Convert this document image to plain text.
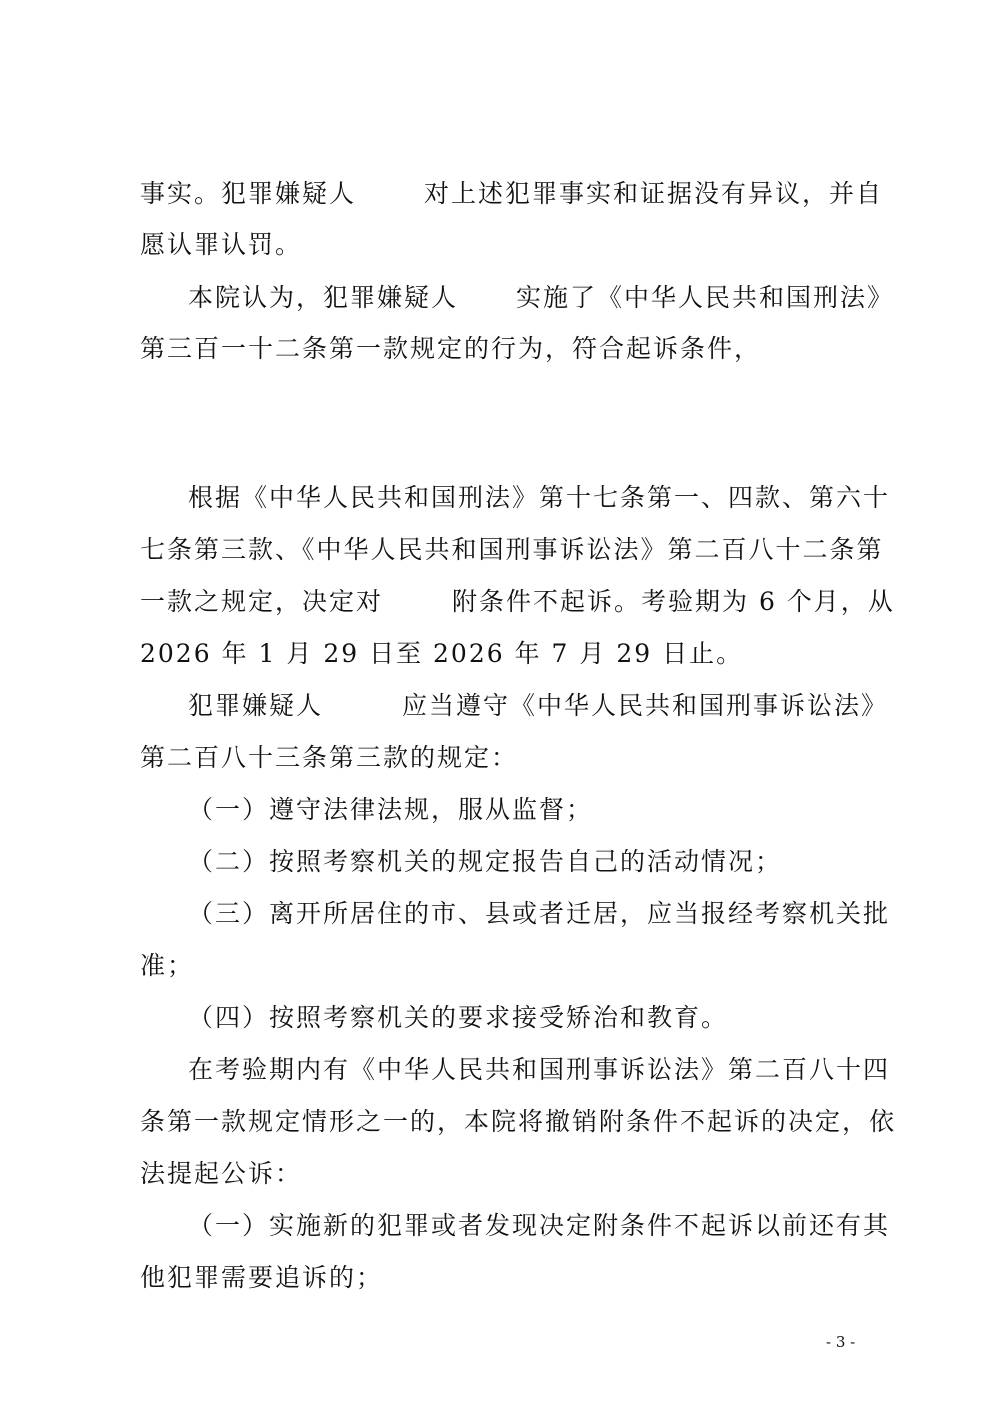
事实。犯罪嫌疑人	对上述犯罪事实和证据没有异议，并自
愿认罪认罚。
本院认为，犯罪嫌疑人 实施了《中华人民共和国刑法》
第三百一十二条第一款规定的行为，符合起诉条件，
根据《中华人民共和国刑法》第十七条第一、四款、第六十
七条第三款、《中华人民共和国刑事诉讼法》第二百八十二条第
一款之规定，决定对	附条件不起诉。考验期为 6 个月，从
2026 年 1 月 29 日至 2026 年 7 月 29 日止。
犯罪嫌疑人	应当遵守《中华人民共和国刑事诉讼法》
第二百八十三条第三款的规定：
（一）遵守法律法规，服从监督；
（二）按照考察机关的规定报告自己的活动情况；
（三）离开所居住的市、县或者迁居，应当报经考察机关批
准；
（四）按照考察机关的要求接受矫治和教育。
在考验期内有《中华人民共和国刑事诉讼法》第二百八十四
条第一款规定情形之一的，本院将撤销附条件不起诉的决定，依
法提起公诉：
（一）实施新的犯罪或者发现决定附条件不起诉以前还有其
他犯罪需要追诉的；
- 3 -
